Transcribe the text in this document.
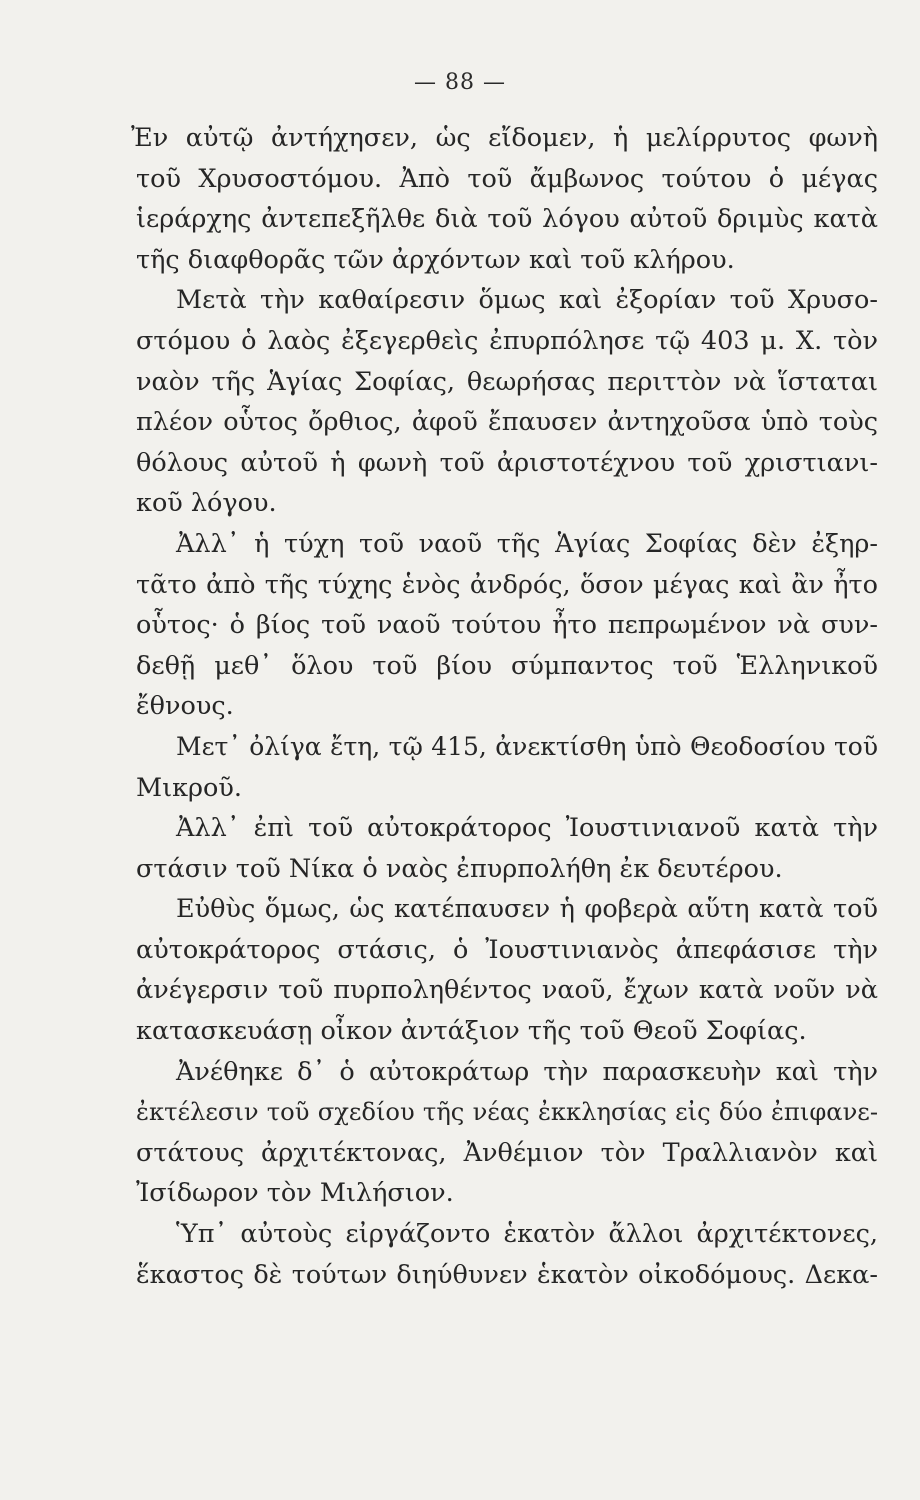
— 88 —
Ἐν αὐτῷ ἀντήχησεν, ὡς εἴδομεν, ἡ μελίρρυτος φωνὴ
τοῦ Χρυσοστόμου. Ἀπὸ τοῦ ἄμβωνος τούτου ὁ μέγας
ἱεράρχης ἀντεπεξῆλθε διὰ τοῦ λόγου αὐτοῦ δριμὺς κατὰ
τῆς διαφθορᾶς τῶν ἀρχόντων καὶ τοῦ κλήρου.
Μετὰ τὴν καθαίρεσιν ὅμως καὶ ἐξορίαν τοῦ Χρυσο-
στόμου ὁ λαὸς ἐξεγερθεὶς ἐπυρπόλησε τῷ 403 μ. Χ. τὸν
ναὸν τῆς Ἁγίας Σοφίας, θεωρήσας περιττὸν νὰ ἵσταται
πλέον οὗτος ὄρθιος, ἀφοῦ ἔπαυσεν ἀντηχοῦσα ὑπὸ τοὺς
θόλους αὐτοῦ ἡ φωνὴ τοῦ ἀριστοτέχνου τοῦ χριστιανι-
κοῦ λόγου.
Ἀλλ᾽ ἡ τύχη τοῦ ναοῦ τῆς Ἁγίας Σοφίας δὲν ἐξηρ-
τᾶτο ἀπὸ τῆς τύχης ἑνὸς ἀνδρός, ὅσον μέγας καὶ ἂν ἦτο
οὗτος· ὁ βίος τοῦ ναοῦ τούτου ἦτο πεπρωμένον νὰ συν-
δεθῇ μεθ᾽ ὅλου τοῦ βίου σύμπαντος τοῦ Ἑλληνικοῦ
ἔθνους.
Μετ᾽ ὀλίγα ἔτη, τῷ 415, ἀνεκτίσθη ὑπὸ Θεοδοσίου τοῦ
Μικροῦ.
Ἀλλ᾽ ἐπὶ τοῦ αὐτοκράτορος Ἰουστινιανοῦ κατὰ τὴν
στάσιν τοῦ Νίκα ὁ ναὸς ἐπυρπολήθη ἐκ δευτέρου.
Εὐθὺς ὅμως, ὡς κατέπαυσεν ἡ φοβερὰ αὕτη κατὰ τοῦ
αὐτοκράτορος στάσις, ὁ Ἰουστινιανὸς ἀπεφάσισε τὴν
ἀνέγερσιν τοῦ πυρποληθέντος ναοῦ, ἔχων κατὰ νοῦν νὰ
κατασκευάσῃ οἶκον ἀντάξιον τῆς τοῦ Θεοῦ Σοφίας.
Ἀνέθηκε δ᾽ ὁ αὐτοκράτωρ τὴν παρασκευὴν καὶ τὴν
ἐκτέλεσιν τοῦ σχεδίου τῆς νέας ἐκκλησίας εἰς δύο ἐπιφανε-
στάτους ἀρχιτέκτονας, Ἀνθέμιον τὸν Τραλλιανὸν καὶ
Ἰσίδωρον τὸν Μιλήσιον.
Ὑπ᾽ αὐτοὺς εἰργάζοντο ἑκατὸν ἄλλοι ἀρχιτέκτονες,
ἕκαστος δὲ τούτων διηύθυνεν ἑκατὸν οἰκοδόμους. Δεκα-
